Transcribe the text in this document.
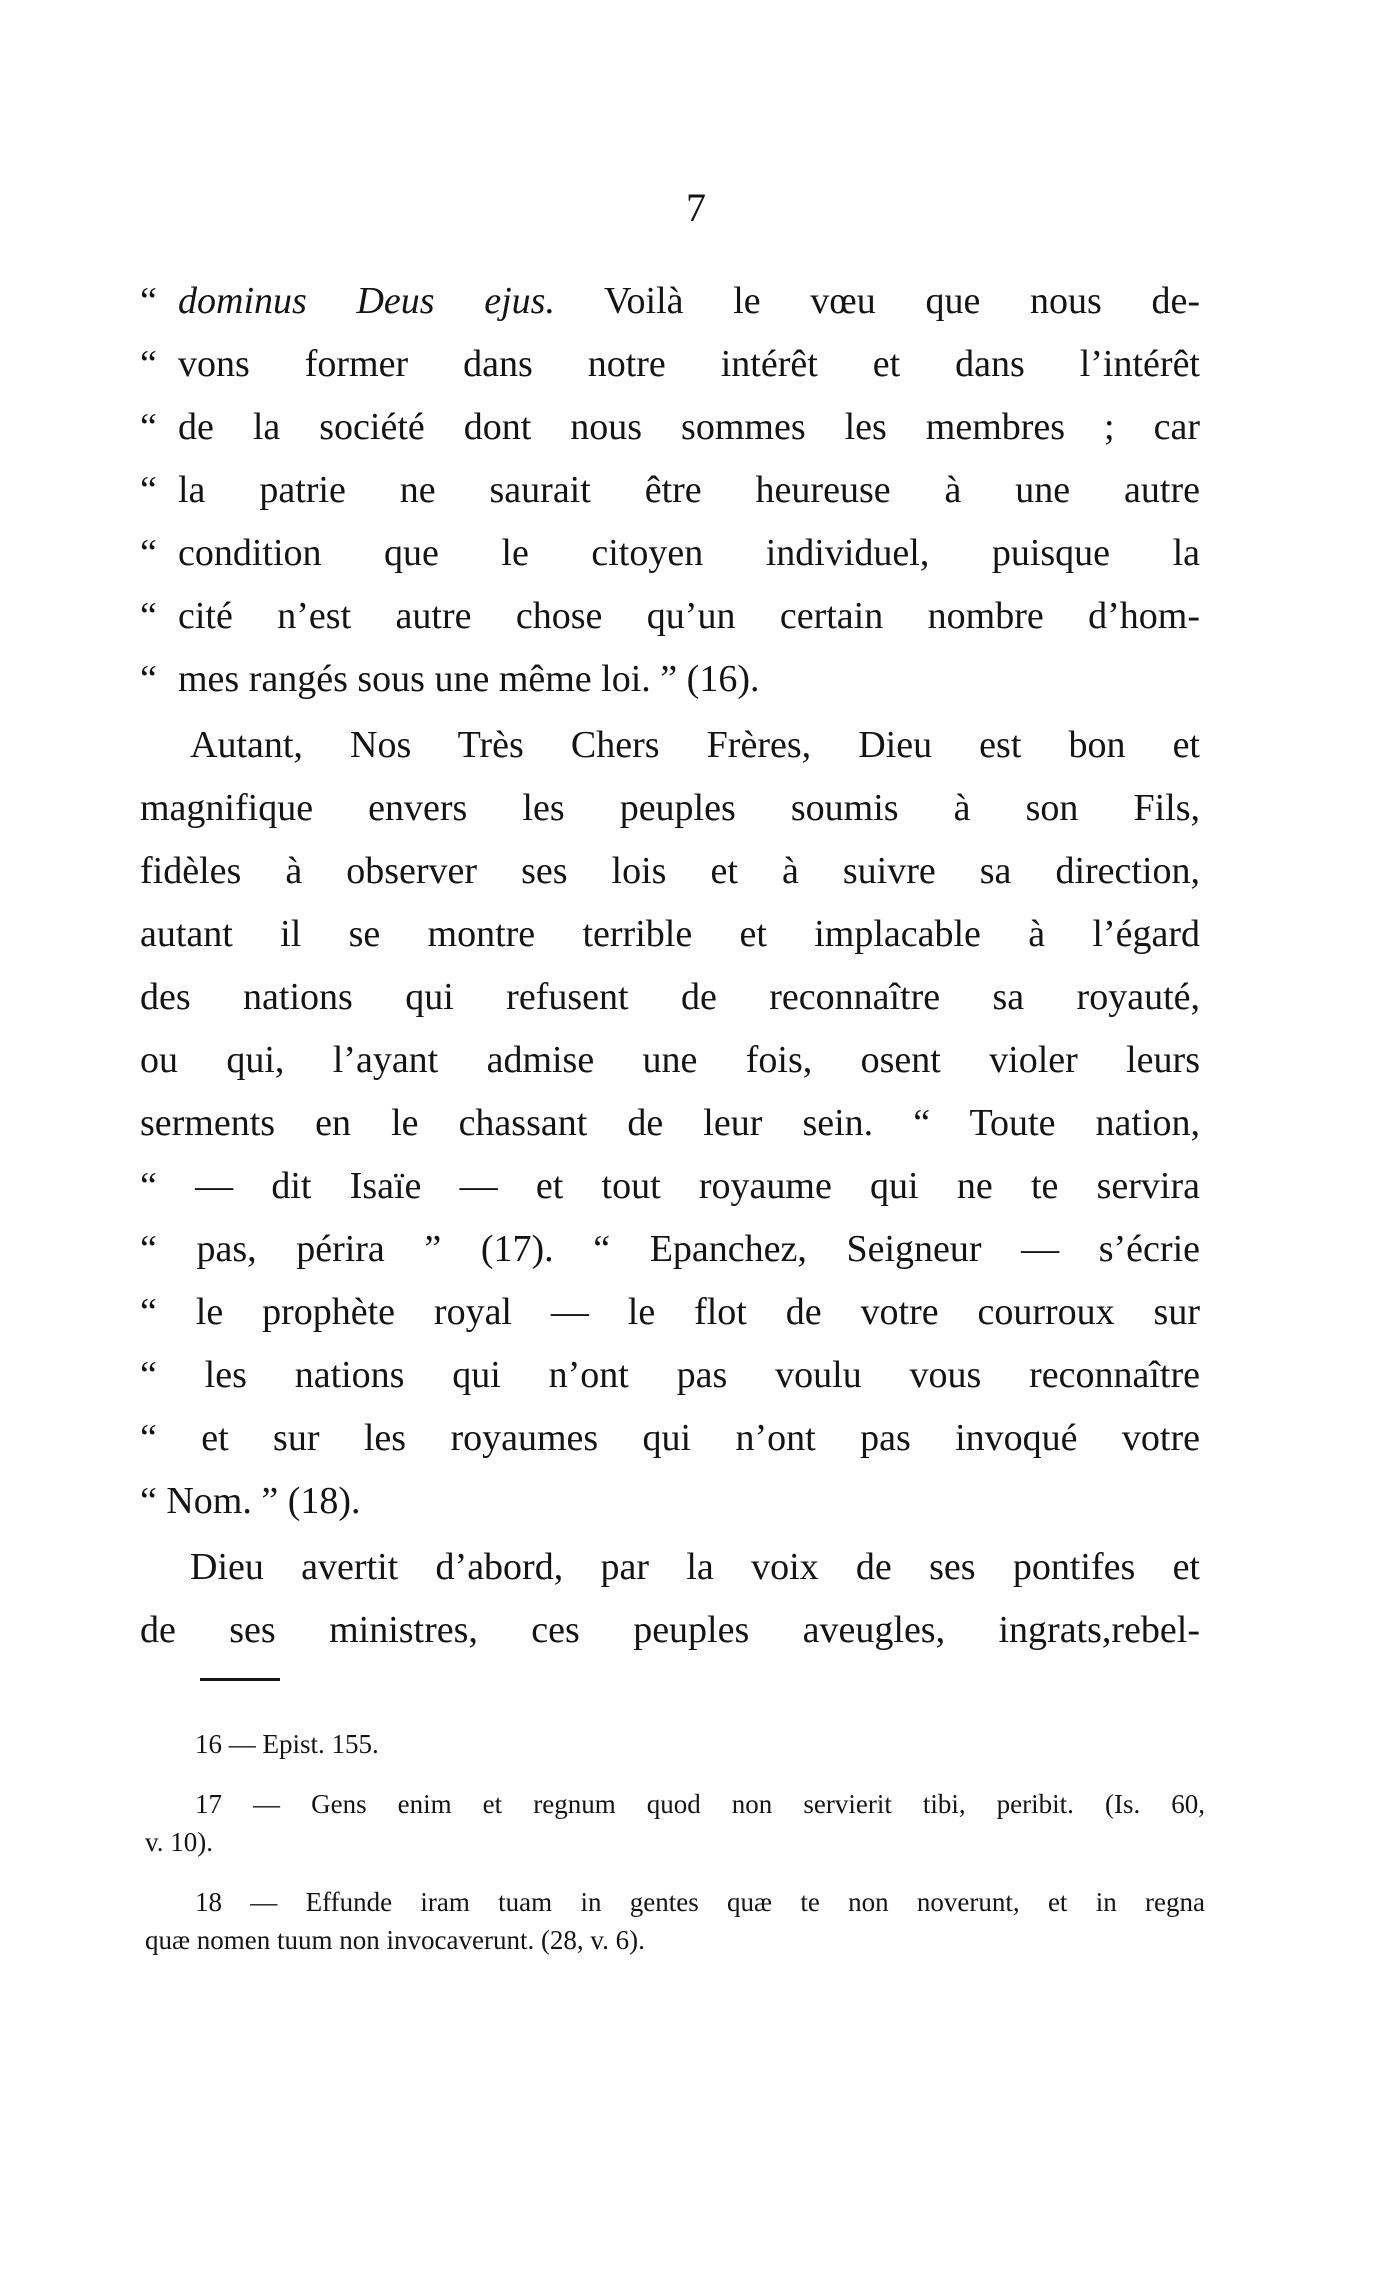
7
“ dominus Deus ejus. Voilà le vœu que nous de-
“ vons former dans notre intérêt et dans l’intérêt
“ de la société dont nous sommes les membres ; car
“ la patrie ne saurait être heureuse à une autre
“ condition que le citoyen individuel, puisque la
“ cité n’est autre chose qu’un certain nombre d’hom-
“ mes rangés sous une même loi. ” (16).
Autant, Nos Très Chers Frères, Dieu est bon et
magnifique envers les peuples soumis à son Fils,
fidèles à observer ses lois et à suivre sa direction,
autant il se montre terrible et implacable à l’égard
des nations qui refusent de reconnaître sa royauté,
ou qui, l’ayant admise une fois, osent violer leurs
serments en le chassant de leur sein. “ Toute nation,
“ — dit Isaïe — et tout royaume qui ne te servira
“ pas, périra ” (17). “ Epanchez, Seigneur — s’écrie
“ le prophète royal — le flot de votre courroux sur
“ les nations qui n’ont pas voulu vous reconnaître
“ et sur les royaumes qui n’ont pas invoqué votre
“ Nom. ” (18).
Dieu avertit d’abord, par la voix de ses pontifes et
de ses ministres, ces peuples aveugles, ingrats,rebel-
16 — Epist. 155.
17 — Gens enim et regnum quod non servierit tibi, peribit. (Is. 60,
v. 10).
18 — Effunde iram tuam in gentes quæ te non noverunt, et in regna
quæ nomen tuum non invocaverunt. (28, v. 6).
